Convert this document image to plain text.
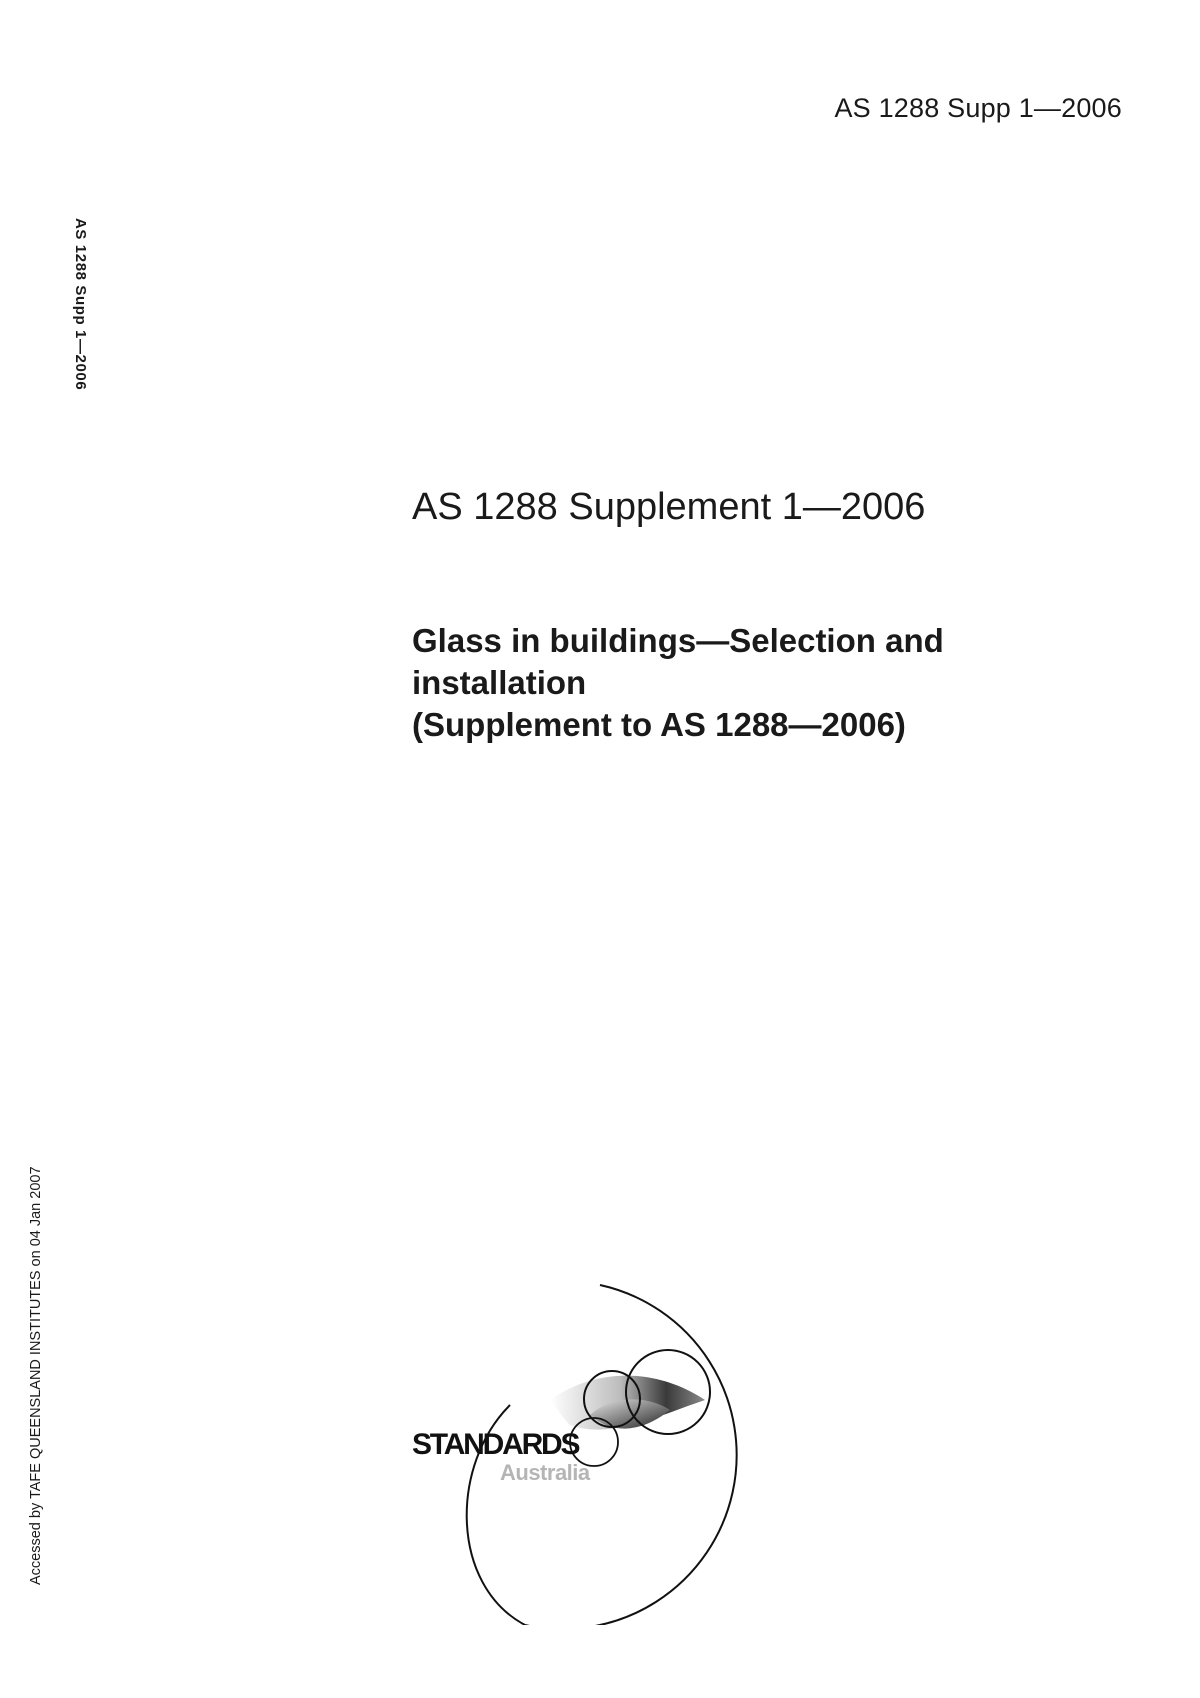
AS 1288 Supp 1—2006
AS 1288 Supp 1—2006
Accessed by TAFE QUEENSLAND INSTITUTES on 04 Jan 2007
AS 1288 Supplement 1—2006
Glass in buildings—Selection and
installation
(Supplement to AS 1288—2006)
STANDARDS
Australia
